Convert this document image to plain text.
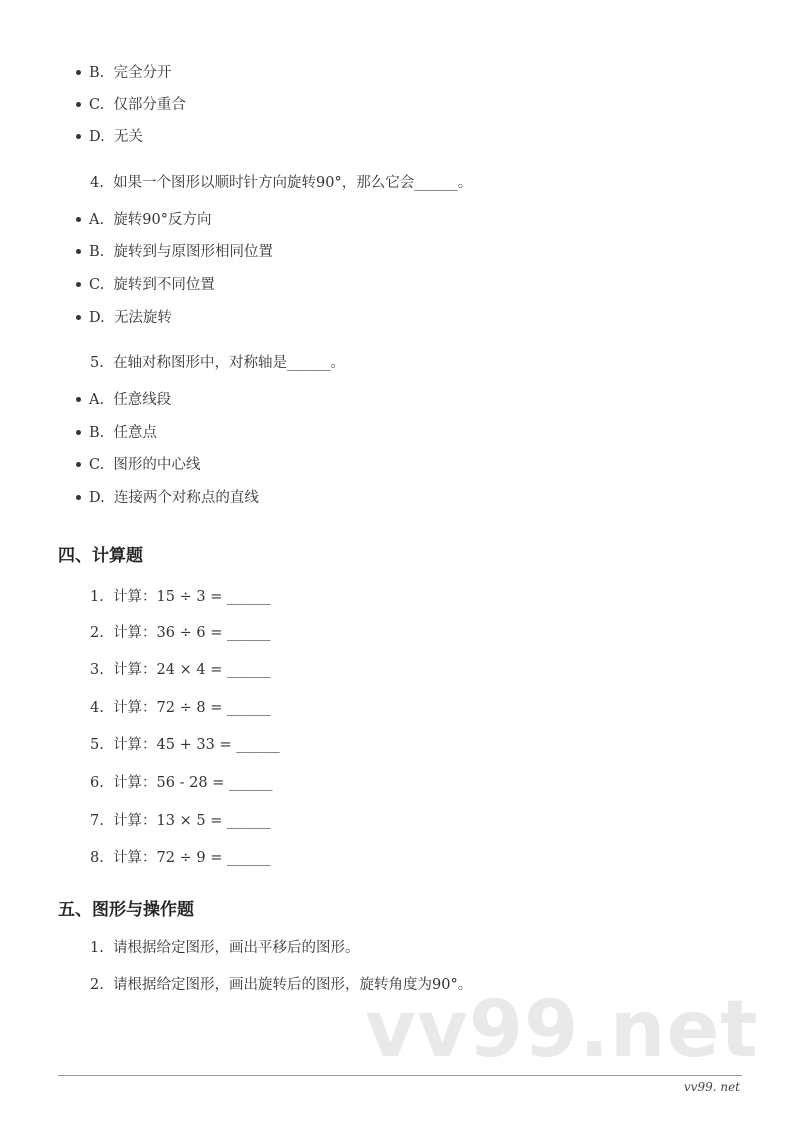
B. 完全分开
C. 仅部分重合
D. 无关
4. 如果一个图形以顺时针方向旋转90°，那么它会______。
A. 旋转90°反方向
B. 旋转到与原图形相同位置
C. 旋转到不同位置
D. 无法旋转
5. 在轴对称图形中，对称轴是______。
A. 任意线段
B. 任意点
C. 图形的中心线
D. 连接两个对称点的直线
四、计算题
1. 计算：15 ÷ 3 = ______
2. 计算：36 ÷ 6 = ______
3. 计算：24 × 4 = ______
4. 计算：72 ÷ 8 = ______
5. 计算：45 + 33 = ______
6. 计算：56 - 28 = ______
7. 计算：13 × 5 = ______
8. 计算：72 ÷ 9 = ______
五、图形与操作题
1. 请根据给定图形，画出平移后的图形。
2. 请根据给定图形，画出旋转后的图形，旋转角度为90°。
vv99.net
vv99. net
